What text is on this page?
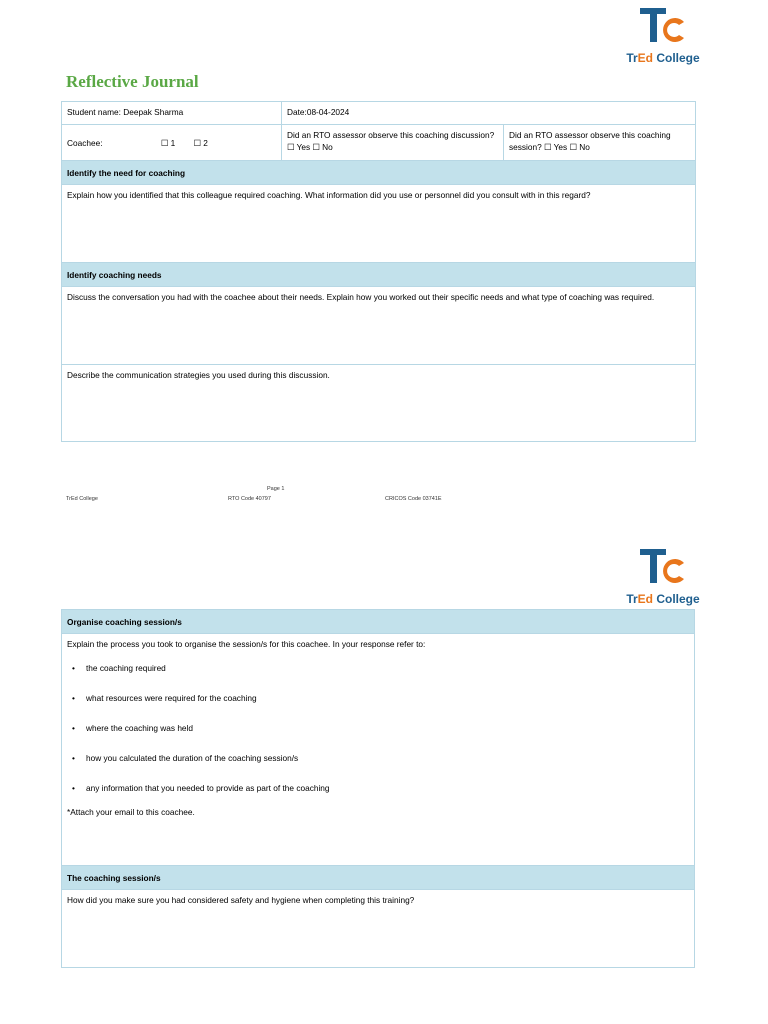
TrEd College
Reflective Journal
Student name: Deepak Sharma	Date:08-04-2024	
Coachee: ☐ 1 ☐ 2	Did an RTO assessor observe this coaching discussion? ☐ Yes ☐ No	Did an RTO assessor observe this coaching session? ☐ Yes ☐ No
Identify the need for coaching		
Explain how you identified that this colleague required coaching. What information did you use or personnel did you consult with in this regard?		
Identify coaching needs		
Discuss the conversation you had with the coachee about their needs. Explain how you worked out their specific needs and what type of coaching was required.		
Describe the communication strategies you used during this discussion.		
Page 1
TrEd College	RTO Code 40797	CRICOS Code 03741E
TrEd College
Organise coaching session/s

Explain the process you took to organise the session/s for this coachee. In your response refer to:
• the coaching required
• what resources were required for the coaching
• where the coaching was held
• how you calculated the duration of the coaching session/s
• any information that you needed to provide as part of the coaching
*Attach your email to this coachee.

The coaching session/s
How did you make sure you had considered safety and hygiene when completing this training?
